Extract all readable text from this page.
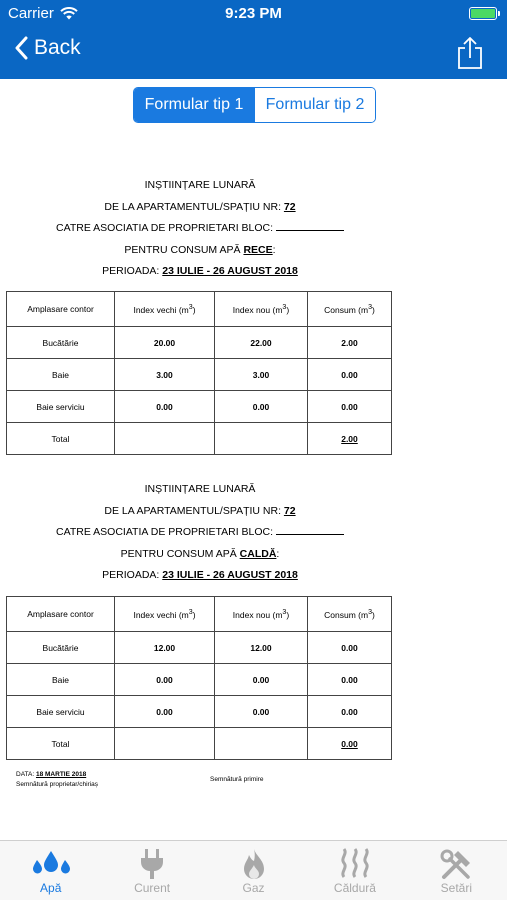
Carrier	9:23 PM
Back
Formular tip 1	Formular tip 2
INȘTIINȚARE LUNARĂ
DE LA APARTAMENTUL/SPAȚIU NR: 72
CATRE ASOCIATIA DE PROPRIETARI BLOC:
PENTRU CONSUM APĂ RECE:
PERIOADA: 23 IULIE - 26 AUGUST 2018
Amplasare contor	Index vechi $(m^3)$	Index nou $(m^3)$	Consum $(m^3)$
Bucătărie	20.00	22.00	2.00
Baie	3.00	3.00	0.00
Baie serviciu	0.00	0.00	0.00
Total			2.00
INȘTIINȚARE LUNARĂ
DE LA APARTAMENTUL/SPAȚIU NR: 72
CATRE ASOCIATIA DE PROPRIETARI BLOC:
PENTRU CONSUM APĂ CALDĂ:
PERIOADA: 23 IULIE - 26 AUGUST 2018
Amplasare contor	Index vechi $(m^3)$	Index nou $(m^3)$	Consum $(m^3)$
Bucătărie	12.00	12.00	0.00
Baie	0.00	0.00	0.00
Baie serviciu	0.00	0.00	0.00
Total			0.00
DATA: 18 MARTIE 2018
Semnătură proprietar/chiriaș
Semnătură primire
Apă	Curent	Gaz	Căldură	Setări
